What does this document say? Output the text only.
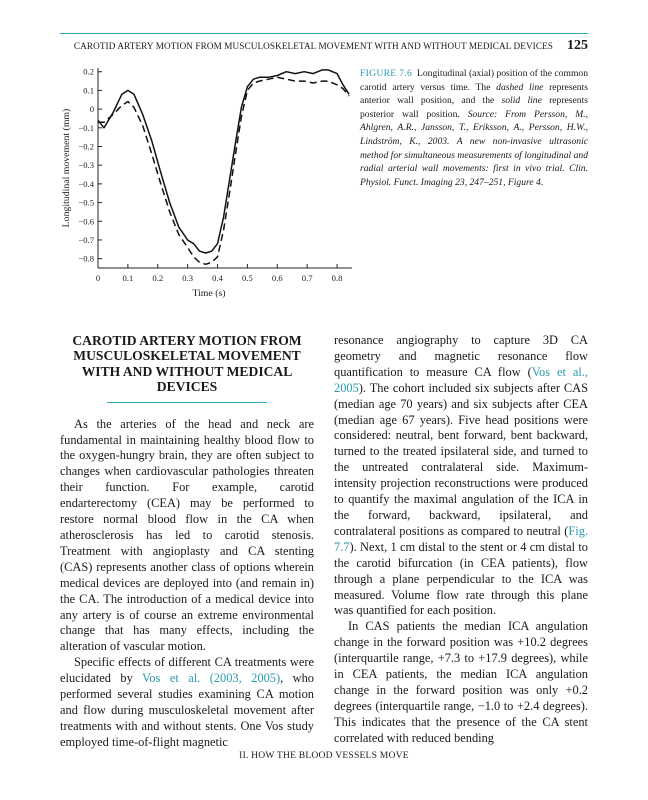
CAROTID ARTERY MOTION FROM MUSCULOSKELETAL MOVEMENT WITH AND WITHOUT MEDICAL DEVICES 125
0.2
0.1
0
−0.1
−0.2
−0.3
−0.4
−0.5
−0.6
−0.7
−0.8
0	0.1 0.2 0.3 0.4 0.5 0.6 0.7 0.8
Time (s)
Longitudinal movement (mm)
FIGURE 7.6 Longitudinal (axial) position of the common carotid artery versus time. The dashed line represents anterior wall position, and the solid line represents posterior wall position. Source: From Persson, M., Ahlgren, A.R., Jansson, T., Eriksson, A., Persson, H.W., Lindström, K., 2003. A new non-invasive ultrasonic method for simultaneous measurements of longitudinal and radial arterial wall movements: first in vivo trial. Clin. Physiol. Funct. Imaging 23, 247–251, Figure 4.
CAROTID ARTERY MOTION FROM
MUSCULOSKELETAL MOVEMENT
WITH AND WITHOUT MEDICAL
DEVICES

As the arteries of the head and neck are fundamental in maintaining healthy blood flow to the oxygen-hungry brain, they are often subject to changes when cardiovascular pathologies threaten their function. For example, carotid endarterectomy (CEA) may be performed to restore normal blood flow in the CA when atherosclerosis has led to carotid stenosis. Treatment with angioplasty and CA stenting (CAS) represents another class of options wherein medical devices are deployed into (and remain in) the CA. The introduction of a medical device into any artery is of course an extreme environmental change that has many effects, including the alteration of vascular motion.

Specific effects of different CA treatments were elucidated by Vos et al. (2003, 2005), who performed several studies examining CA motion and flow during musculoskeletal movement after treatments with and without stents. One Vos study employed time-of-flight magnetic

resonance angiography to capture 3D CA geometry and magnetic resonance flow quantification to measure CA flow (Vos et al., 2005). The cohort included six subjects after CAS (median age 70 years) and six subjects after CEA (median age 67 years). Five head positions were considered: neutral, bent forward, bent backward, turned to the treated ipsilateral side, and turned to the untreated contralateral side. Maximum-intensity projection reconstructions were produced to quantify the maximal angulation of the ICA in the forward, backward, ipsilateral, and contralateral positions as compared to neutral (Fig. 7.7). Next, 1 cm distal to the stent or 4 cm distal to the carotid bifurcation (in CEA patients), flow through a plane perpendicular to the ICA was measured. Volume flow rate through this plane was quantified for each position.

In CAS patients the median ICA angulation change in the forward position was +10.2 degrees (interquartile range, +7.3 to +17.9 degrees), while in CEA patients, the median ICA angulation change in the forward position was only +0.2 degrees (interquartile range, −1.0 to +2.4 degrees). This indicates that the presence of the CA stent correlated with reduced bending

II. HOW THE BLOOD VESSELS MOVE
